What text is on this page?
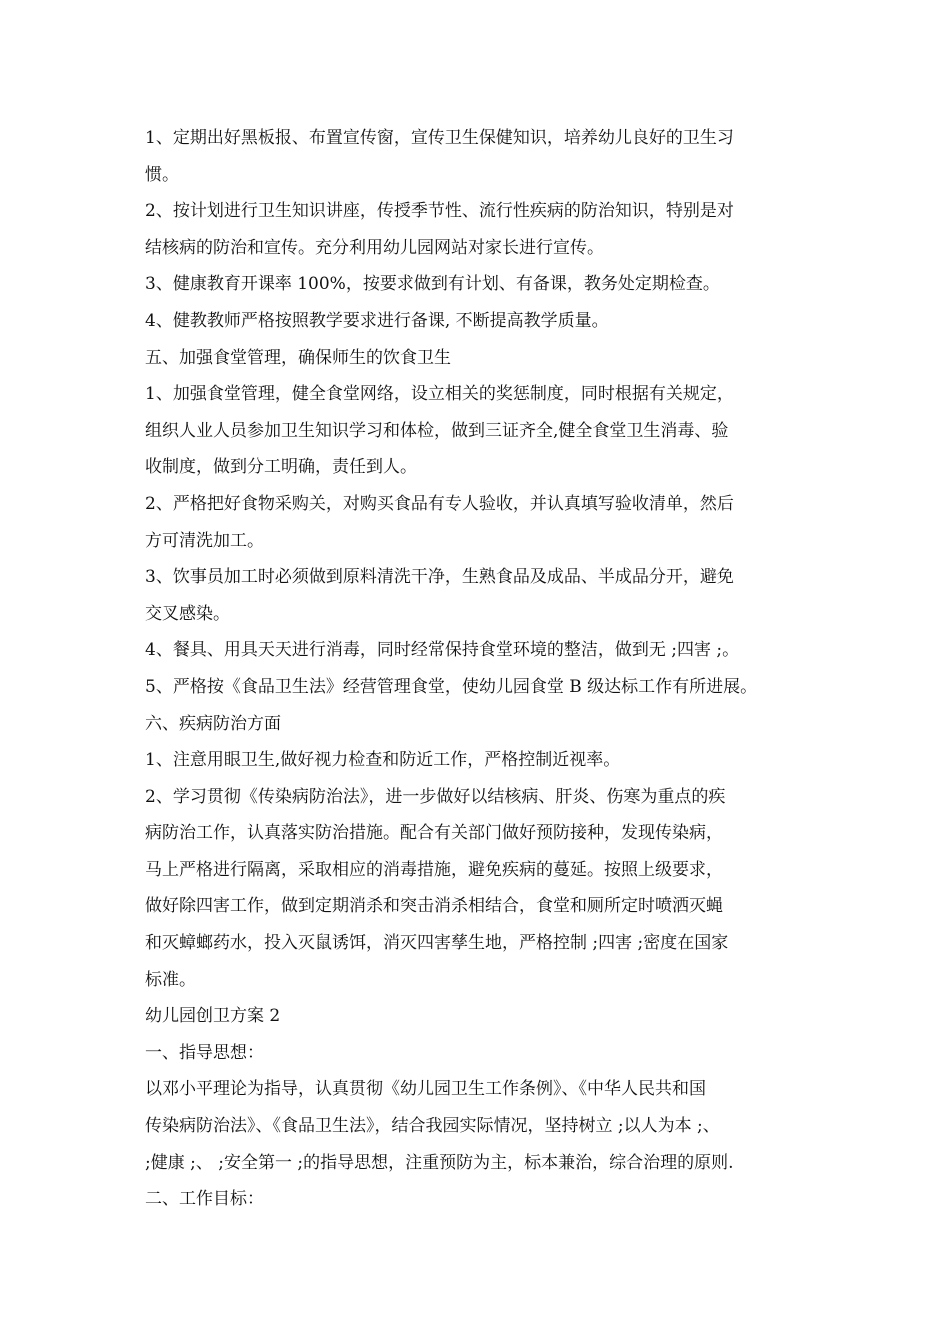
1、定期出好黑板报、布置宣传窗，宣传卫生保健知识，培养幼儿良好的卫生习
惯。
2、按计划进行卫生知识讲座，传授季节性、流行性疾病的防治知识，特别是对
结核病的防治和宣传。充分利用幼儿园网站对家长进行宣传。
3、健康教育开课率 100%，按要求做到有计划、有备课，教务处定期检查。
4、健教教师严格按照教学要求进行备课, 不断提高教学质量。
五、加强食堂管理，确保师生的饮食卫生
1、加强食堂管理，健全食堂网络，设立相关的奖惩制度，同时根据有关规定，
组织人业人员参加卫生知识学习和体检，做到三证齐全,健全食堂卫生消毒、验
收制度，做到分工明确，责任到人。
2、严格把好食物采购关，对购买食品有专人验收，并认真填写验收清单，然后
方可清洗加工。
3、饮事员加工时必须做到原料清洗干净，生熟食品及成品、半成品分开，避免
交叉感染。
4、餐具、用具天天进行消毒，同时经常保持食堂环境的整洁，做到无 ;四害 ;。
5、严格按《食品卫生法》经营管理食堂，使幼儿园食堂 B 级达标工作有所进展。
六、疾病防治方面
1、注意用眼卫生,做好视力检查和防近工作，严格控制近视率。
2、学习贯彻《传染病防治法》，进一步做好以结核病、肝炎、伤寒为重点的疾
病防治工作，认真落实防治措施。配合有关部门做好预防接种，发现传染病，
马上严格进行隔离，采取相应的消毒措施，避免疾病的蔓延。按照上级要求，
做好除四害工作，做到定期消杀和突击消杀相结合，食堂和厕所定时喷洒灭蝇
和灭蟑螂药水，投入灭鼠诱饵，消灭四害孳生地，严格控制 ;四害 ;密度在国家
标准。
幼儿园创卫方案 2
一、指导思想：
以邓小平理论为指导，认真贯彻《幼儿园卫生工作条例》、《中华人民共和国
传染病防治法》、《食品卫生法》，结合我园实际情况，坚持树立 ;以人为本 ;、
;健康 ;、 ;安全第一 ;的指导思想，注重预防为主，标本兼治，综合治理的原则.
二、工作目标：
